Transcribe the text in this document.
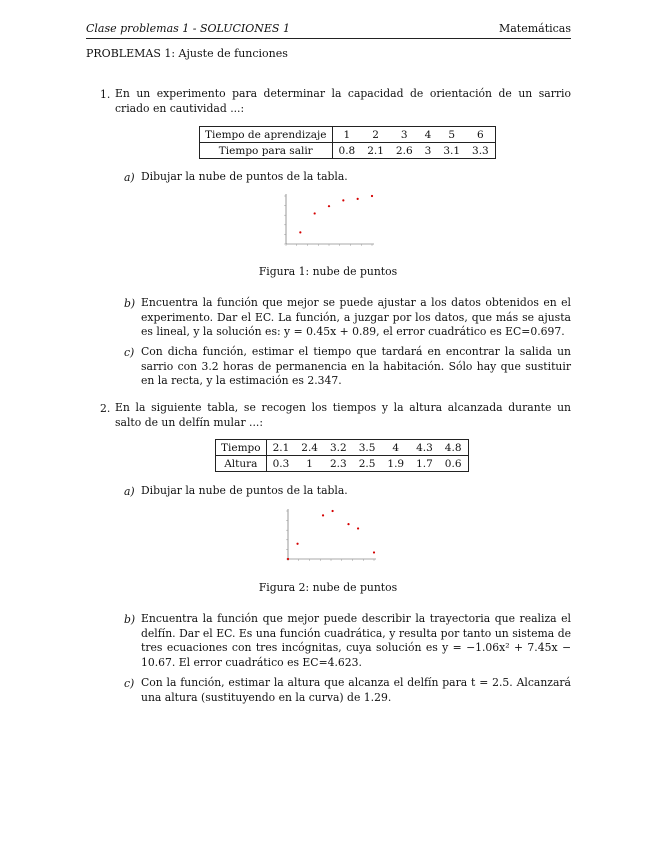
Clase problemas 1 - SOLUCIONES 1	Matemáticas
PROBLEMAS 1: Ajuste de funciones
1. En un experimento para determinar la capacidad de orientación de un sarrio criado en cautividad ...:
Tiempo de aprendizaje	1	2	3	4	5	6
Tiempo para salir	0.8	2.1	2.6	3	3.1	3.3
a) Dibujar la nube de puntos de la tabla.
Figura 1: nube de puntos
b) Encuentra la función que mejor se puede ajustar a los datos obtenidos en el experimento. Dar el EC. La función, a juzgar por los datos, que más se ajusta es lineal, y la solución es: y = 0.45x + 0.89, el error cuadrático es EC=0.697.
c) Con dicha función, estimar el tiempo que tardará en encontrar la salida un sarrio con 3.2 horas de permanencia en la habitación. Sólo hay que sustituir en la recta, y la estimación es 2.347.
2. En la siguiente tabla, se recogen los tiempos y la altura alcanzada durante un salto de un delfín mular ...:
Tiempo	2.1	2.4	3.2	3.5	4	4.3	4.8
Altura	0.3	1	2.3	2.5	1.9	1.7	0.6
a) Dibujar la nube de puntos de la tabla.
Figura 2: nube de puntos
b) Encuentra la función que mejor puede describir la trayectoria que realiza el delfín. Dar el EC. Es una función cuadrática, y resulta por tanto un sistema de tres ecuaciones con tres incógnitas, cuya solución es y = −1.06x² + 7.45x − 10.67. El error cuadrático es EC=4.623.
c) Con la función, estimar la altura que alcanza el delfín para t = 2.5. Alcanzará una altura (sustituyendo en la curva) de 1.29.
